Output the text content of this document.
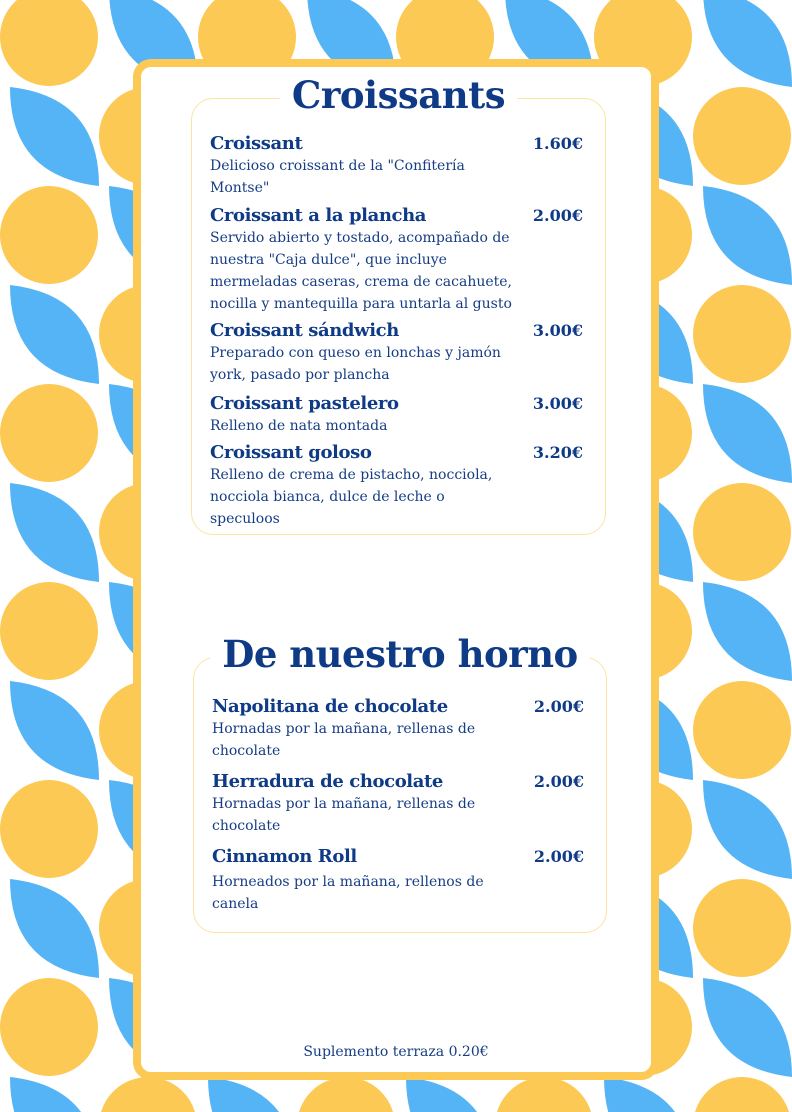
Croissants
Croissant	1.60€
Delicioso croissant de la "Confitería Montse"
Croissant a la plancha	2.00€
Servido abierto y tostado, acompañado de nuestra "Caja dulce", que incluye mermeladas caseras, crema de cacahuete, nocilla y mantequilla para untarla al gusto
Croissant sándwich	3.00€
Preparado con queso en lonchas y jamón york, pasado por plancha
Croissant pastelero	3.00€
Relleno de nata montada
Croissant goloso	3.20€
Relleno de crema de pistacho, nocciola, nocciola bianca, dulce de leche o speculoos
De nuestro horno
Napolitana de chocolate	2.00€
Hornadas por la mañana, rellenas de chocolate
Herradura de chocolate	2.00€
Hornadas por la mañana, rellenas de chocolate
Cinnamon Roll	2.00€
Horneados por la mañana, rellenos de canela
Suplemento terraza 0.20€
